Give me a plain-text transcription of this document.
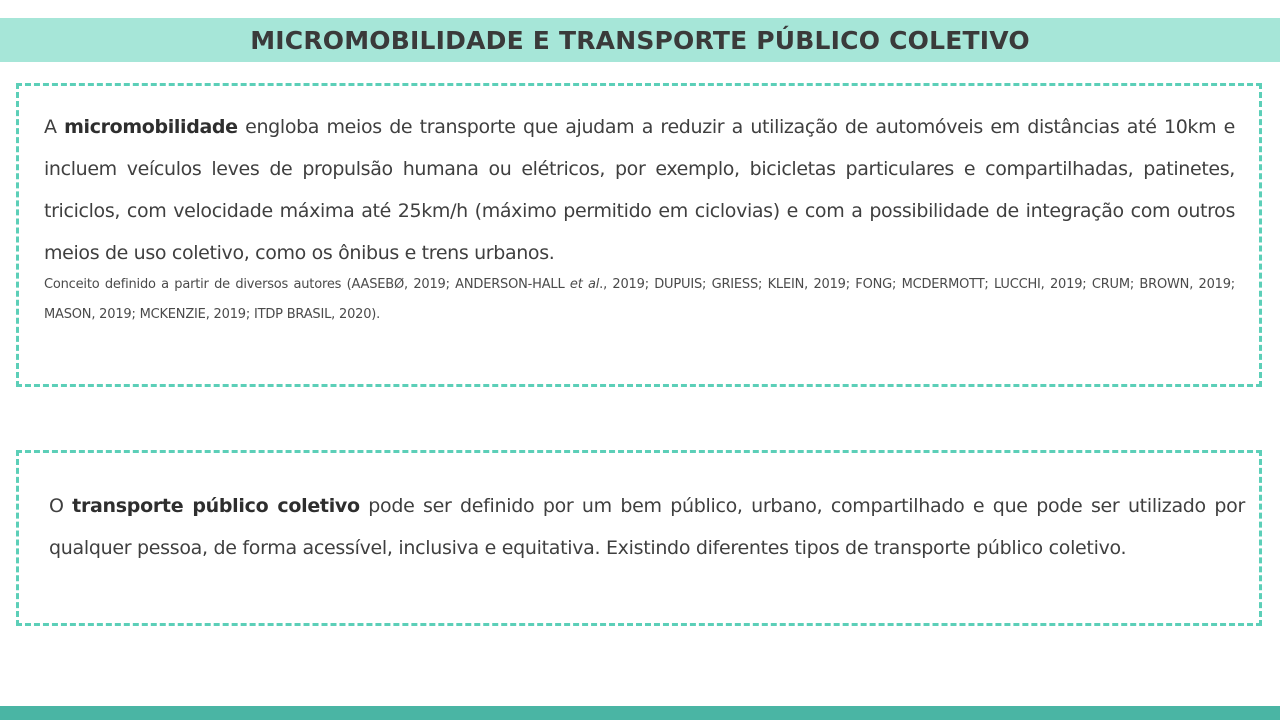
MICROMOBILIDADE E TRANSPORTE PÚBLICO COLETIVO

A micromobilidade engloba meios de transporte que ajudam a reduzir a utilização de automóveis em distâncias até 10km e incluem veículos leves de propulsão humana ou elétricos, por exemplo, bicicletas particulares e compartilhadas, patinetes, triciclos, com velocidade máxima até 25km/h (máximo permitido em ciclovias) e com a possibilidade de integração com outros meios de uso coletivo, como os ônibus e trens urbanos.

Conceito definido a partir de diversos autores (AASEBØ, 2019; ANDERSON-HALL et al., 2019; DUPUIS; GRIESS; KLEIN, 2019; FONG; MCDERMOTT; LUCCHI, 2019; CRUM; BROWN, 2019; MASON, 2019; MCKENZIE, 2019; ITDP BRASIL, 2020).

O transporte público coletivo pode ser definido por um bem público, urbano, compartilhado e que pode ser utilizado por qualquer pessoa, de forma acessível, inclusiva e equitativa. Existindo diferentes tipos de transporte público coletivo.
